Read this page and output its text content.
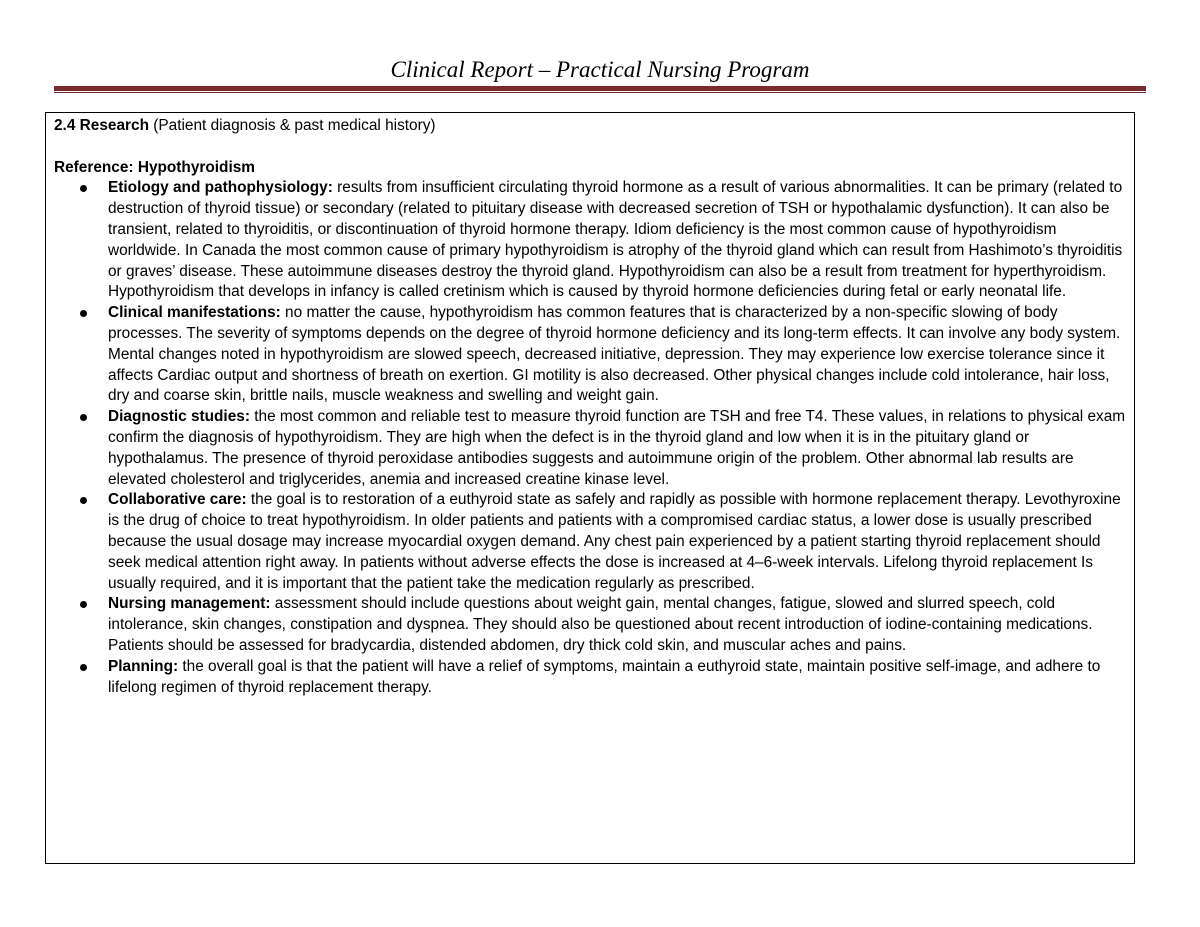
Clinical Report – Practical Nursing Program
2.4 Research (Patient diagnosis & past medical history)
Reference: Hypothyroidism
Etiology and pathophysiology: results from insufficient circulating thyroid hormone as a result of various abnormalities. It can be primary (related to destruction of thyroid tissue) or secondary (related to pituitary disease with decreased secretion of TSH or hypothalamic dysfunction). It can also be transient, related to thyroiditis, or discontinuation of thyroid hormone therapy. Idiom deficiency is the most common cause of hypothyroidism worldwide. In Canada the most common cause of primary hypothyroidism is atrophy of the thyroid gland which can result from Hashimoto’s thyroiditis or graves’ disease. These autoimmune diseases destroy the thyroid gland. Hypothyroidism can also be a result from treatment for hyperthyroidism. Hypothyroidism that develops in infancy is called cretinism which is caused by thyroid hormone deficiencies during fetal or early neonatal life.
Clinical manifestations: no matter the cause, hypothyroidism has common features that is characterized by a non-specific slowing of body processes. The severity of symptoms depends on the degree of thyroid hormone deficiency and its long-term effects. It can involve any body system. Mental changes noted in hypothyroidism are slowed speech, decreased initiative, depression. They may experience low exercise tolerance since it affects Cardiac output and shortness of breath on exertion. GI motility is also decreased. Other physical changes include cold intolerance, hair loss, dry and coarse skin, brittle nails, muscle weakness and swelling and weight gain.
Diagnostic studies: the most common and reliable test to measure thyroid function are TSH and free T4. These values, in relations to physical exam confirm the diagnosis of hypothyroidism. They are high when the defect is in the thyroid gland and low when it is in the pituitary gland or hypothalamus. The presence of thyroid peroxidase antibodies suggests and autoimmune origin of the problem. Other abnormal lab results are elevated cholesterol and triglycerides, anemia and increased creatine kinase level.
Collaborative care: the goal is to restoration of a euthyroid state as safely and rapidly as possible with hormone replacement therapy. Levothyroxine is the drug of choice to treat hypothyroidism. In older patients and patients with a compromised cardiac status, a lower dose is usually prescribed because the usual dosage may increase myocardial oxygen demand. Any chest pain experienced by a patient starting thyroid replacement should seek medical attention right away. In patients without adverse effects the dose is increased at 4–6-week intervals. Lifelong thyroid replacement Is usually required, and it is important that the patient take the medication regularly as prescribed.
Nursing management: assessment should include questions about weight gain, mental changes, fatigue, slowed and slurred speech, cold intolerance, skin changes, constipation and dyspnea. They should also be questioned about recent introduction of iodine-containing medications. Patients should be assessed for bradycardia, distended abdomen, dry thick cold skin, and muscular aches and pains.
Planning: the overall goal is that the patient will have a relief of symptoms, maintain a euthyroid state, maintain positive self-image, and adhere to lifelong regimen of thyroid replacement therapy.
